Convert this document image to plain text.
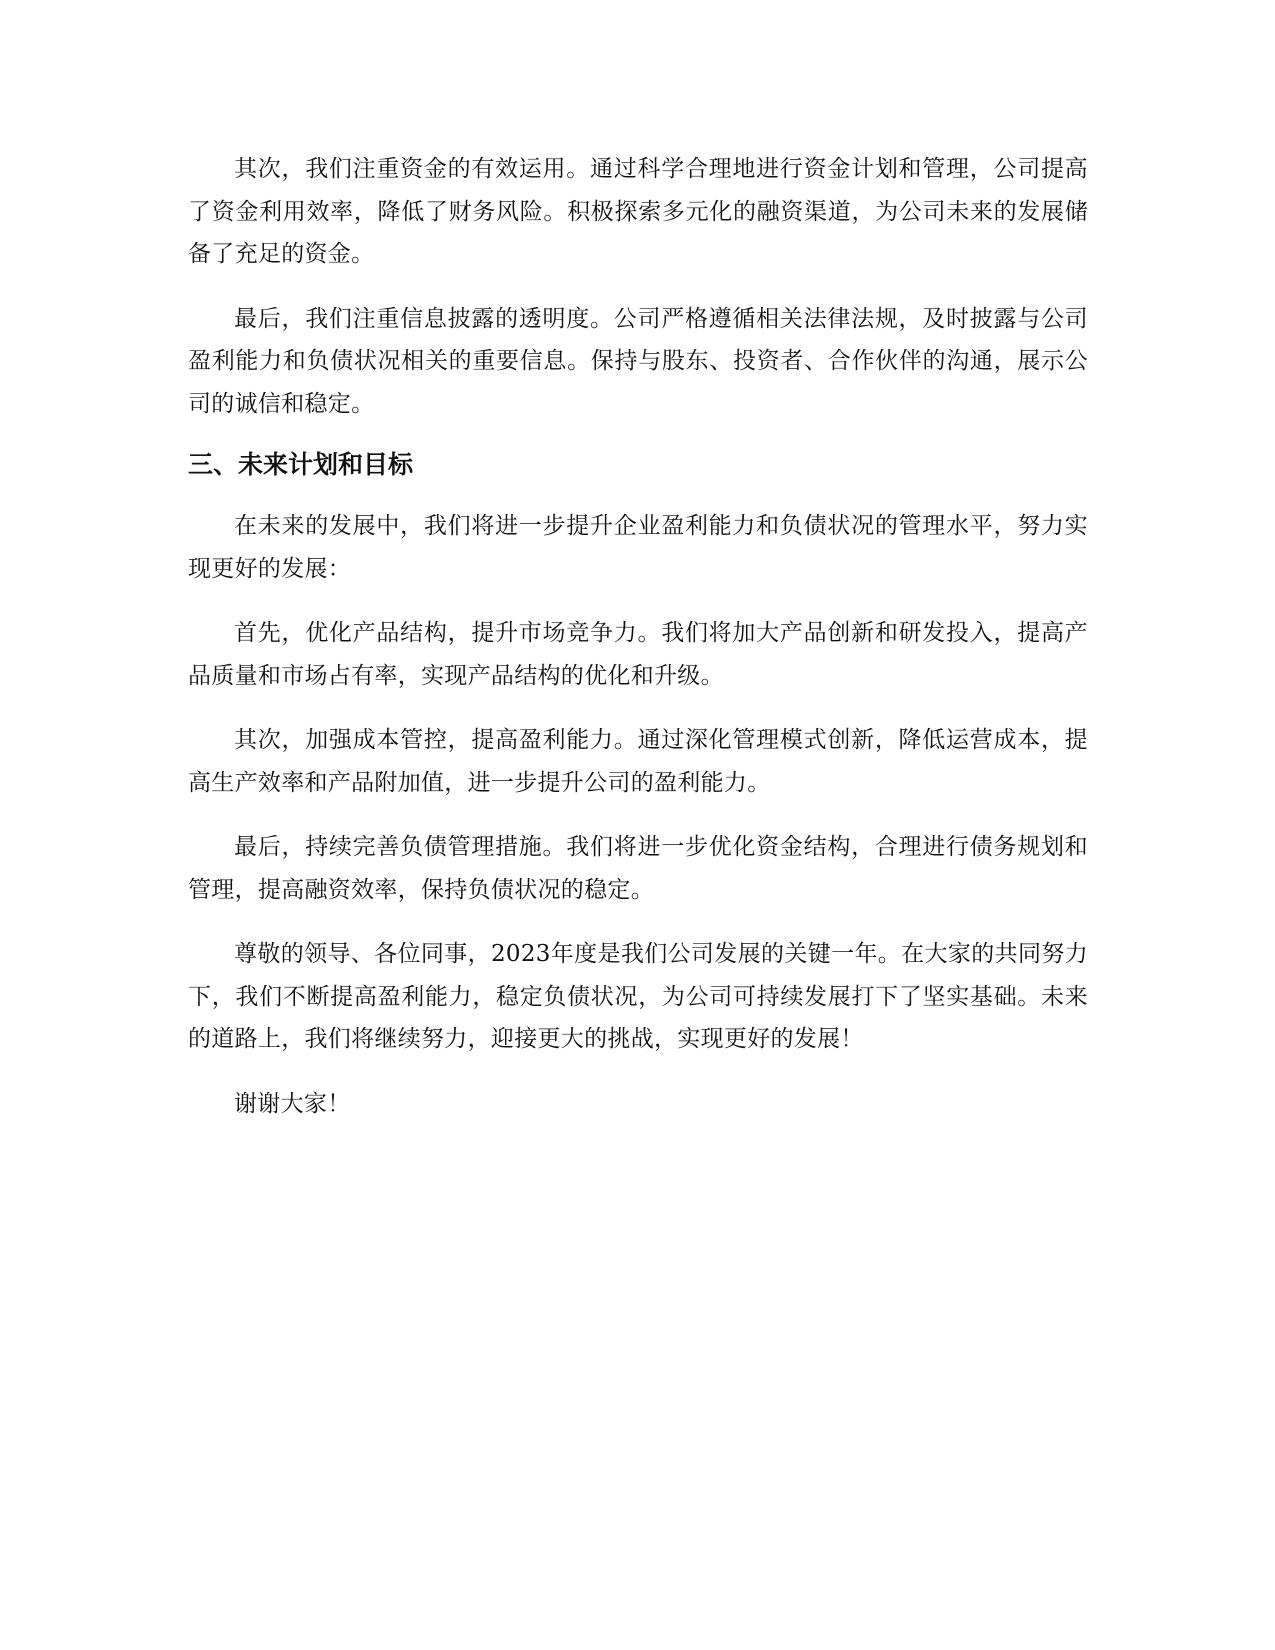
其次，我们注重资金的有效运用。通过科学合理地进行资金计划和管理，公司提高了资金利用效率，降低了财务风险。积极探索多元化的融资渠道，为公司未来的发展储备了充足的资金。

最后，我们注重信息披露的透明度。公司严格遵循相关法律法规，及时披露与公司盈利能力和负债状况相关的重要信息。保持与股东、投资者、合作伙伴的沟通，展示公司的诚信和稳定。

三、未来计划和目标

在未来的发展中，我们将进一步提升企业盈利能力和负债状况的管理水平，努力实现更好的发展：

首先，优化产品结构，提升市场竞争力。我们将加大产品创新和研发投入，提高产品质量和市场占有率，实现产品结构的优化和升级。

其次，加强成本管控，提高盈利能力。通过深化管理模式创新，降低运营成本，提高生产效率和产品附加值，进一步提升公司的盈利能力。

最后，持续完善负债管理措施。我们将进一步优化资金结构，合理进行债务规划和管理，提高融资效率，保持负债状况的稳定。

尊敬的领导、各位同事，2023年度是我们公司发展的关键一年。在大家的共同努力下，我们不断提高盈利能力，稳定负债状况，为公司可持续发展打下了坚实基础。未来的道路上，我们将继续努力，迎接更大的挑战，实现更好的发展！

谢谢大家！
